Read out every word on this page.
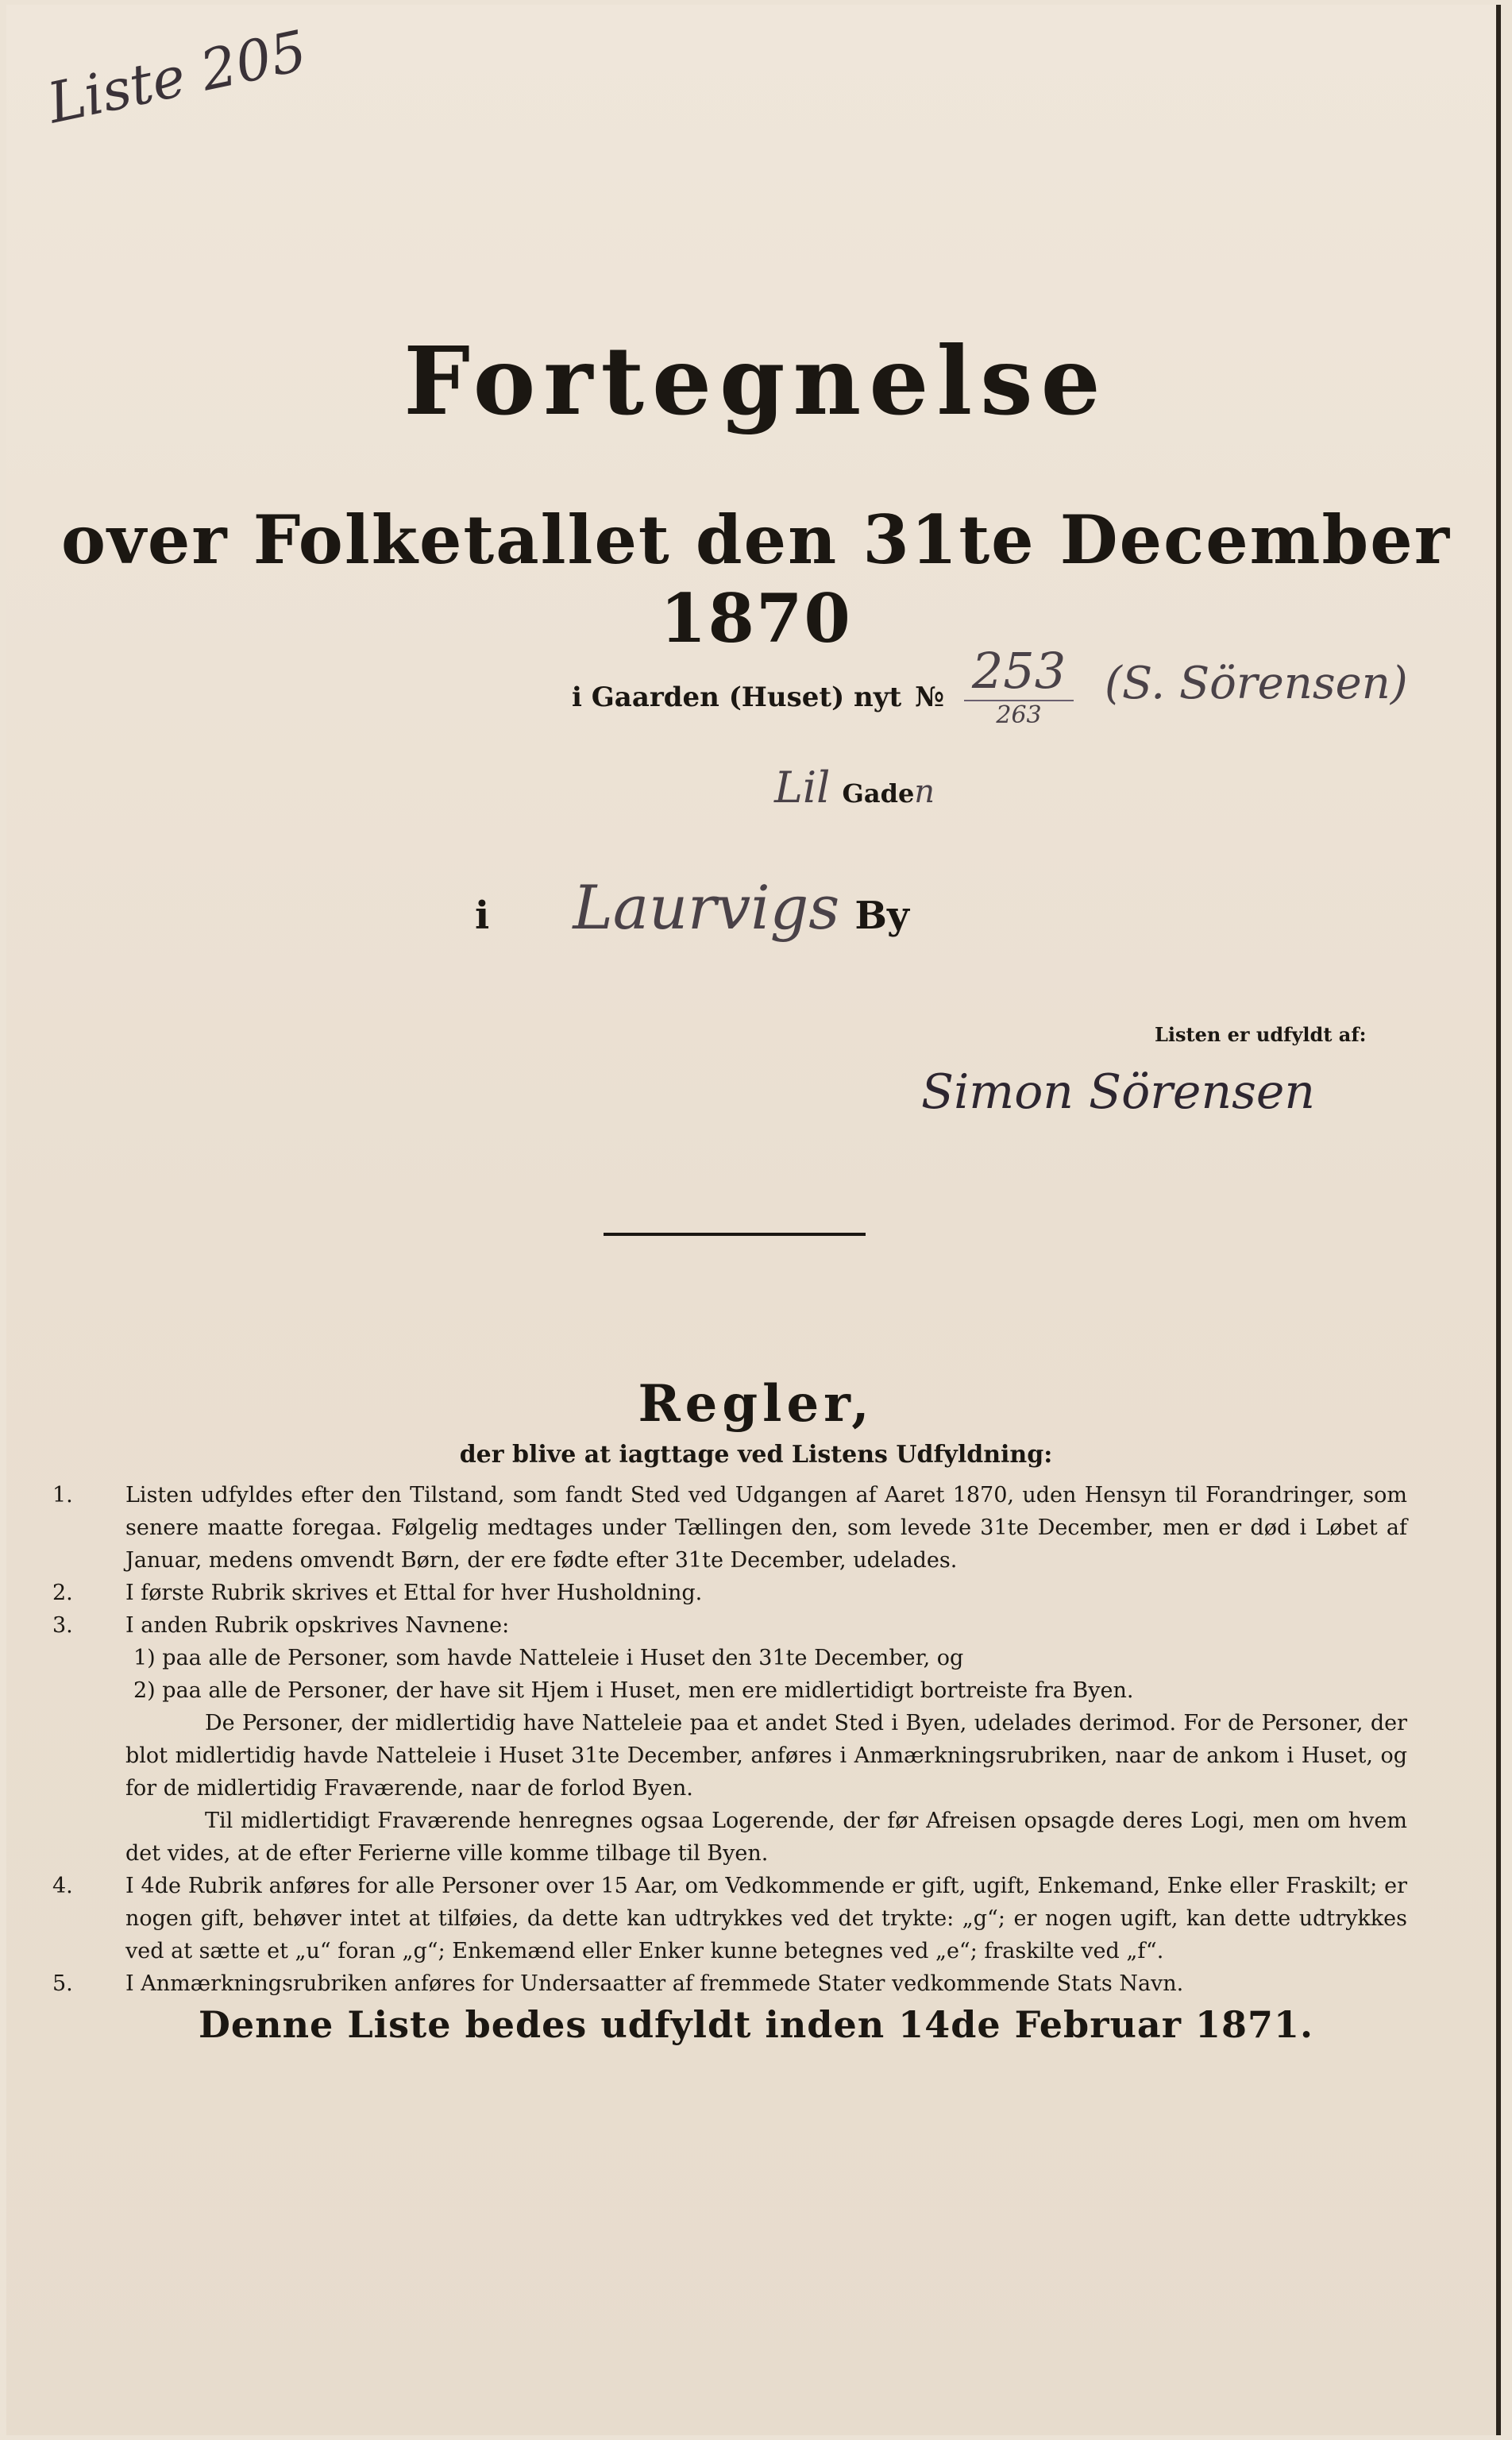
Liste 205
Fortegnelse
over Folketallet den 31te December 1870
i Gaarden (Huset) nyt № 253
263
(S. Sörensen)
Lil Gaden
i Laurvigs By
Listen er udfyldt af:
Simon Sörensen
Regler,
der blive at iagttage ved Listens Udfyldning:

1. Listen udfyldes efter den Tilstand, som fandt Sted ved Udgangen af Aaret 1870, uden Hensyn til Forandringer, som senere maatte foregaa. Følgelig medtages under Tællingen den, som levede 31te December, men er død i Løbet af Januar, medens omvendt Børn, der ere fødte efter 31te December, udelades.

2. I første Rubrik skrives et Ettal for hver Husholdning.

3. I anden Rubrik opskrives Navnene:

1) paa alle de Personer, som havde Natteleie i Huset den 31te December, og

2) paa alle de Personer, der have sit Hjem i Huset, men ere midlertidigt bortreiste fra Byen.

De Personer, der midlertidig have Natteleie paa et andet Sted i Byen, udelades derimod. For de Personer, der blot midlertidig havde Natteleie i Huset 31te December, anføres i Anmærkningsrubriken, naar de ankom i Huset, og for de midlertidig Fraværende, naar de forlod Byen.

Til midlertidigt Fraværende henregnes ogsaa Logerende, der før Afreisen opsagde deres Logi, men om hvem det vides, at de efter Ferierne ville komme tilbage til Byen.

4. I 4de Rubrik anføres for alle Personer over 15 Aar, om Vedkommende er gift, ugift, Enkemand, Enke eller Fraskilt; er nogen gift, behøver intet at tilføies, da dette kan udtrykkes ved det trykte: „g“; er nogen ugift, kan dette udtrykkes ved at sætte et „u“ foran „g“; Enkemænd eller Enker kunne betegnes ved „e“; fraskilte ved „f“.

5. I Anmærkningsrubriken anføres for Undersaatter af fremmede Stater vedkommende Stats Navn.

Denne Liste bedes udfyldt inden 14de Februar 1871.
